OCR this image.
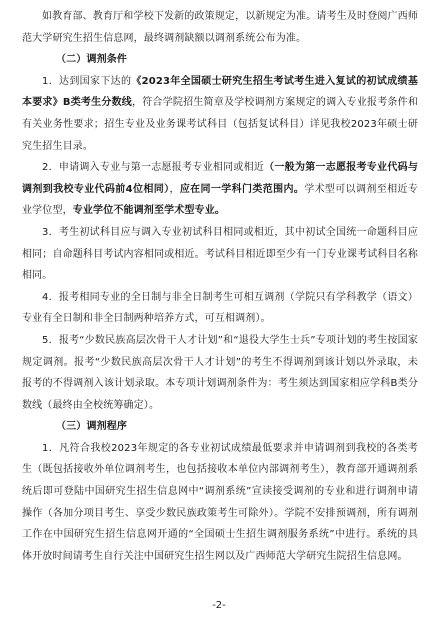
如教育部、教育厅和学校下发新的政策规定，以新规定为准。请考生及时登阅广西师范大学研究生招生信息网，最终调剂缺额以调剂系统公布为准。

（二）调剂条件

1．达到国家下达的《2023年全国硕士研究生招生考试考生进入复试的初试成绩基本要求》B类考生分数线，符合学院招生简章及学校调剂方案规定的调入专业报考条件和有关业务性要求；招生专业及业务课考试科目（包括复试科目）详见我校2023年硕士研究生招生目录。

2．申请调入专业与第一志愿报考专业相同或相近（一般为第一志愿报考专业代码与调剂到我校专业代码前4位相同），应在同一学科门类范围内。学术型可以调剂至相近专业学位型，专业学位不能调剂至学术型专业。

3．考生初试科目应与调入专业初试科目相同或相近，其中初试全国统一命题科目应相同；自命题科目考试内容相同或相近。考试科目相近即至少有一门专业课考试科目名称相同。

4．报考相同专业的全日制与非全日制考生可相互调剂（学院只有学科教学（语文）专业有全日制和非全日制两种培养方式，可互相调剂）。

5．报考“少数民族高层次骨干人才计划”和“退役大学生士兵”专项计划的考生按国家规定调剂。报考“少数民族高层次骨干人才计划”的考生不得调剂到该计划以外录取，未报考的不得调剂入该计划录取。本专项计划调剂条件为：考生须达到国家相应学科B类分数线（最终由全校统筹确定）。

（三）调剂程序

1．凡符合我校2023年规定的各专业初试成绩最低要求并申请调剂到我校的各类考生（既包括接收外单位调剂考生，也包括接收本单位内部调剂考生），教育部开通调剂系统后即可登陆中国研究生招生信息网中“调剂系统”宣读接受调剂的专业和进行调剂申请操作（各加分项目考生、享受少数民族政策考生可除外）。学院不安排预调剂，所有调剂工作在中国研究生招生信息网开通的“全国硕士生招生调剂服务系统”中进行。系统的具体开放时间请考生自行关注中国研究生招生网以及广西师范大学研究生院招生信息网。

-2-
